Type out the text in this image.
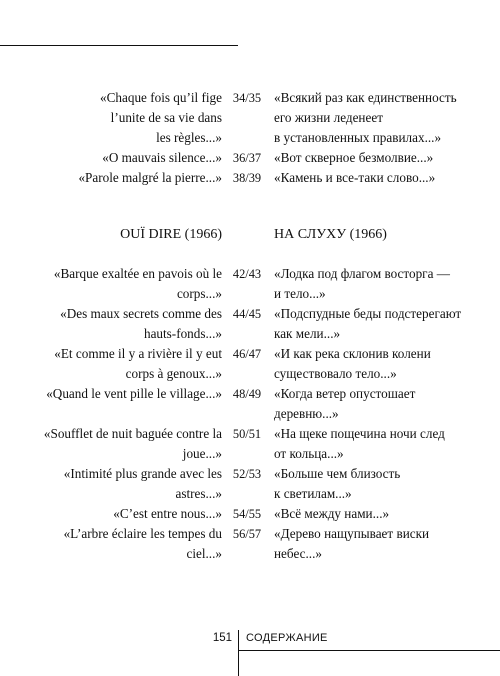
«Chaque fois qu’il fige
l’unite de sa vie dans
les règles...»
34/35 «Всякий раз как единственность
его жизни леденеет
в установленных правилах...»
«O mauvais silence...» 36/37 «Вот скверное безмолвие...»
«Parole malgré la pierre...» 38/39 «Камень и все-таки слово...»
OUÏ DIRE (1966)	НА СЛУХУ (1966)
«Barque exaltée en pavois où le
corps...»
42/43 «Лодка под флагом восторга —
и тело...»
«Des maux secrets comme des
hauts-fonds...»
44/45 «Подспудные беды подстерегают
как мели...»
«Et comme il y a rivière il y eut
corps à genoux...»
46/47 «И как река склонив колени
существовало тело...»
«Quand le vent pille le village...» 48/49 «Когда ветер опустошает
деревню...»
«Soufflet de nuit baguée contre la
joue...»
50/51 «На щеке пощечина ночи след
от кольца...»
«Intimité plus grande avec les
astres...»
52/53 «Больше чем близость
к светилам...»
«C’est entre nous...» 54/55 «Всё между нами...»
«L’arbre éclaire les tempes du
ciel...»
56/57 «Дерево нащупывает виски
небес...»
151 СОДЕРЖАНИЕ
